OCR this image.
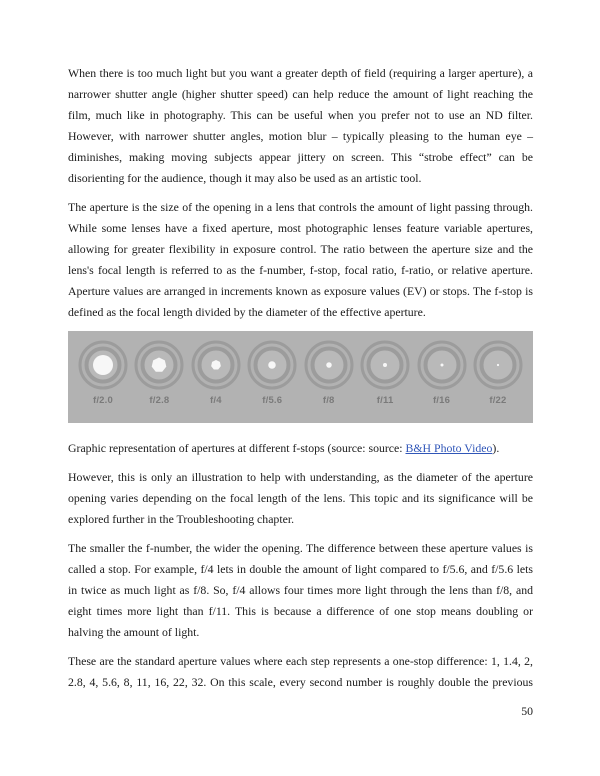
When there is too much light but you want a greater depth of field (requiring a larger aperture), a narrower shutter angle (higher shutter speed) can help reduce the amount of light reaching the film, much like in photography. This can be useful when you prefer not to use an ND filter. However, with narrower shutter angles, motion blur – typically pleasing to the human eye – diminishes, making moving subjects appear jittery on screen. This “strobe effect” can be disorienting for the audience, though it may also be used as an artistic tool.

The aperture is the size of the opening in a lens that controls the amount of light passing through. While some lenses have a fixed aperture, most photographic lenses feature variable apertures, allowing for greater flexibility in exposure control. The ratio between the aperture size and the lens's focal length is referred to as the f-number, f-stop, focal ratio, f-ratio, or relative aperture. Aperture values are arranged in increments known as exposure values (EV) or stops. The f-stop is defined as the focal length divided by the diameter of the effective aperture.

f/2.0	f/2.8	f/4	f/5.6	f/8	f/11	f/16	f/22

Graphic representation of apertures at different f-stops (source: source: B&H Photo Video).

However, this is only an illustration to help with understanding, as the diameter of the aperture opening varies depending on the focal length of the lens. This topic and its significance will be explored further in the Troubleshooting chapter.

The smaller the f-number, the wider the opening. The difference between these aperture values is called a stop. For example, f/4 lets in double the amount of light compared to f/5.6, and f/5.6 lets in twice as much light as f/8. So, f/4 allows four times more light through the lens than f/8, and eight times more light than f/11. This is because a difference of one stop means doubling or halving the amount of light.

These are the standard aperture values where each step represents a one-stop difference: 1, 1.4, 2, 2.8, 4, 5.6, 8, 11, 16, 22, 32. On this scale, every second number is roughly double the previous

50
